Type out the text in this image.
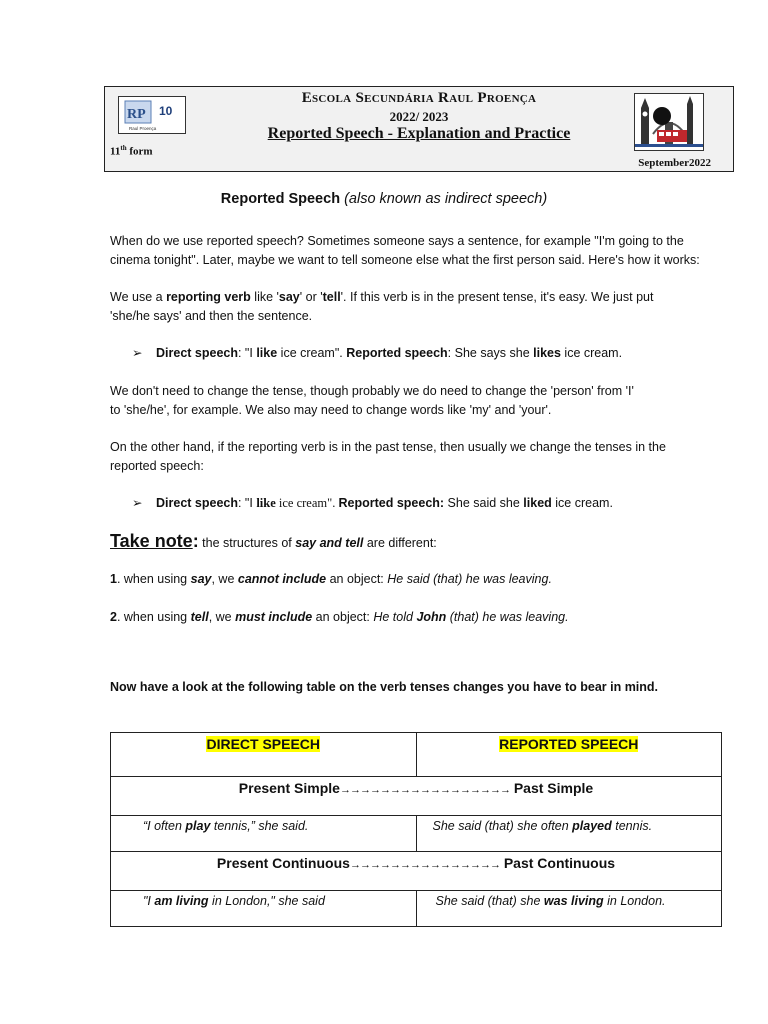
RP 10
Raul Proença
Escola Secundária Raul Proença
2022/ 2023
Reported Speech - Explanation and Practice
11th form
September2022
Reported Speech (also known as indirect speech)
When do we use reported speech? Sometimes someone says a sentence, for example "I'm going to the
cinema tonight". Later, maybe we want to tell someone else what the first person said. Here's how it works:
We use a reporting verb like 'say' or 'tell'. If this verb is in the present tense, it's easy. We just put
'she/he says' and then the sentence.
➢ Direct speech: "I like ice cream". Reported speech: She says she likes ice cream.
We don't need to change the tense, though probably we do need to change the 'person' from 'I'
to 'she/he', for example. We also may need to change words like 'my' and 'your'.
On the other hand, if the reporting verb is in the past tense, then usually we change the tenses in the
reported speech:
➢ Direct speech: "I like ice cream". Reported speech: She said she liked ice cream.
Take note: the structures of say and tell are different:
1. when using say, we cannot include an object: He said (that) he was leaving.
2. when using tell, we must include an object: He told John (that) he was leaving.
Now have a look at the following table on the verb tenses changes you have to bear in mind.
DIRECT SPEECH	REPORTED SPEECH
Present Simple→→→→→→→→→→→→→→→→→ Past Simple	
“I often play tennis,” she said.	She said (that) she often played tennis.
Present Continuous→→→→→→→→→→→→→→→ Past Continuous	
"I am living in London," she said	She said (that) she was living in London.
